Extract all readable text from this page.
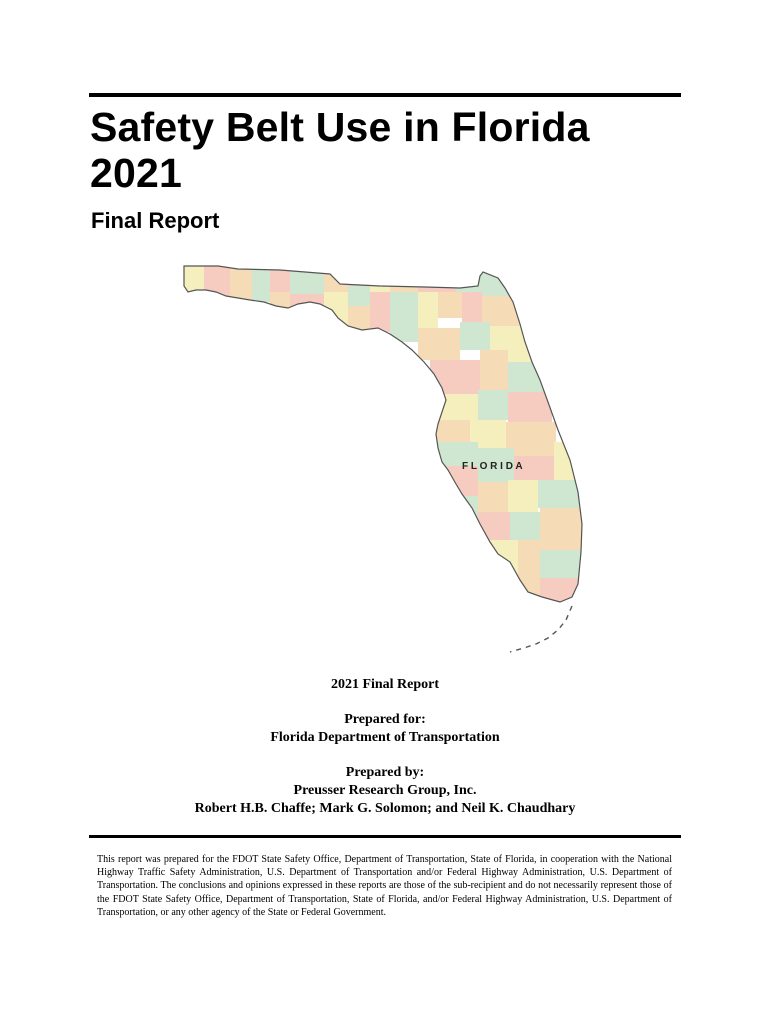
Safety Belt Use in Florida
2021
Final Report
F L O R I D A
2021 Final Report
Prepared for:
Florida Department of Transportation
Prepared by:
Preusser Research Group, Inc.
Robert H.B. Chaffe; Mark G. Solomon; and Neil K. Chaudhary

This report was prepared for the FDOT State Safety Office, Department of Transportation, State of Florida, in cooperation with the National Highway Traffic Safety Administration, U.S. Department of Transportation and/or Federal Highway Administration, U.S. Department of Transportation. The conclusions and opinions expressed in these reports are those of the sub-recipient and do not necessarily represent those of the FDOT State Safety Office, Department of Transportation, State of Florida, and/or Federal Highway Administration, U.S. Department of Transportation, or any other agency of the State or Federal Government.
